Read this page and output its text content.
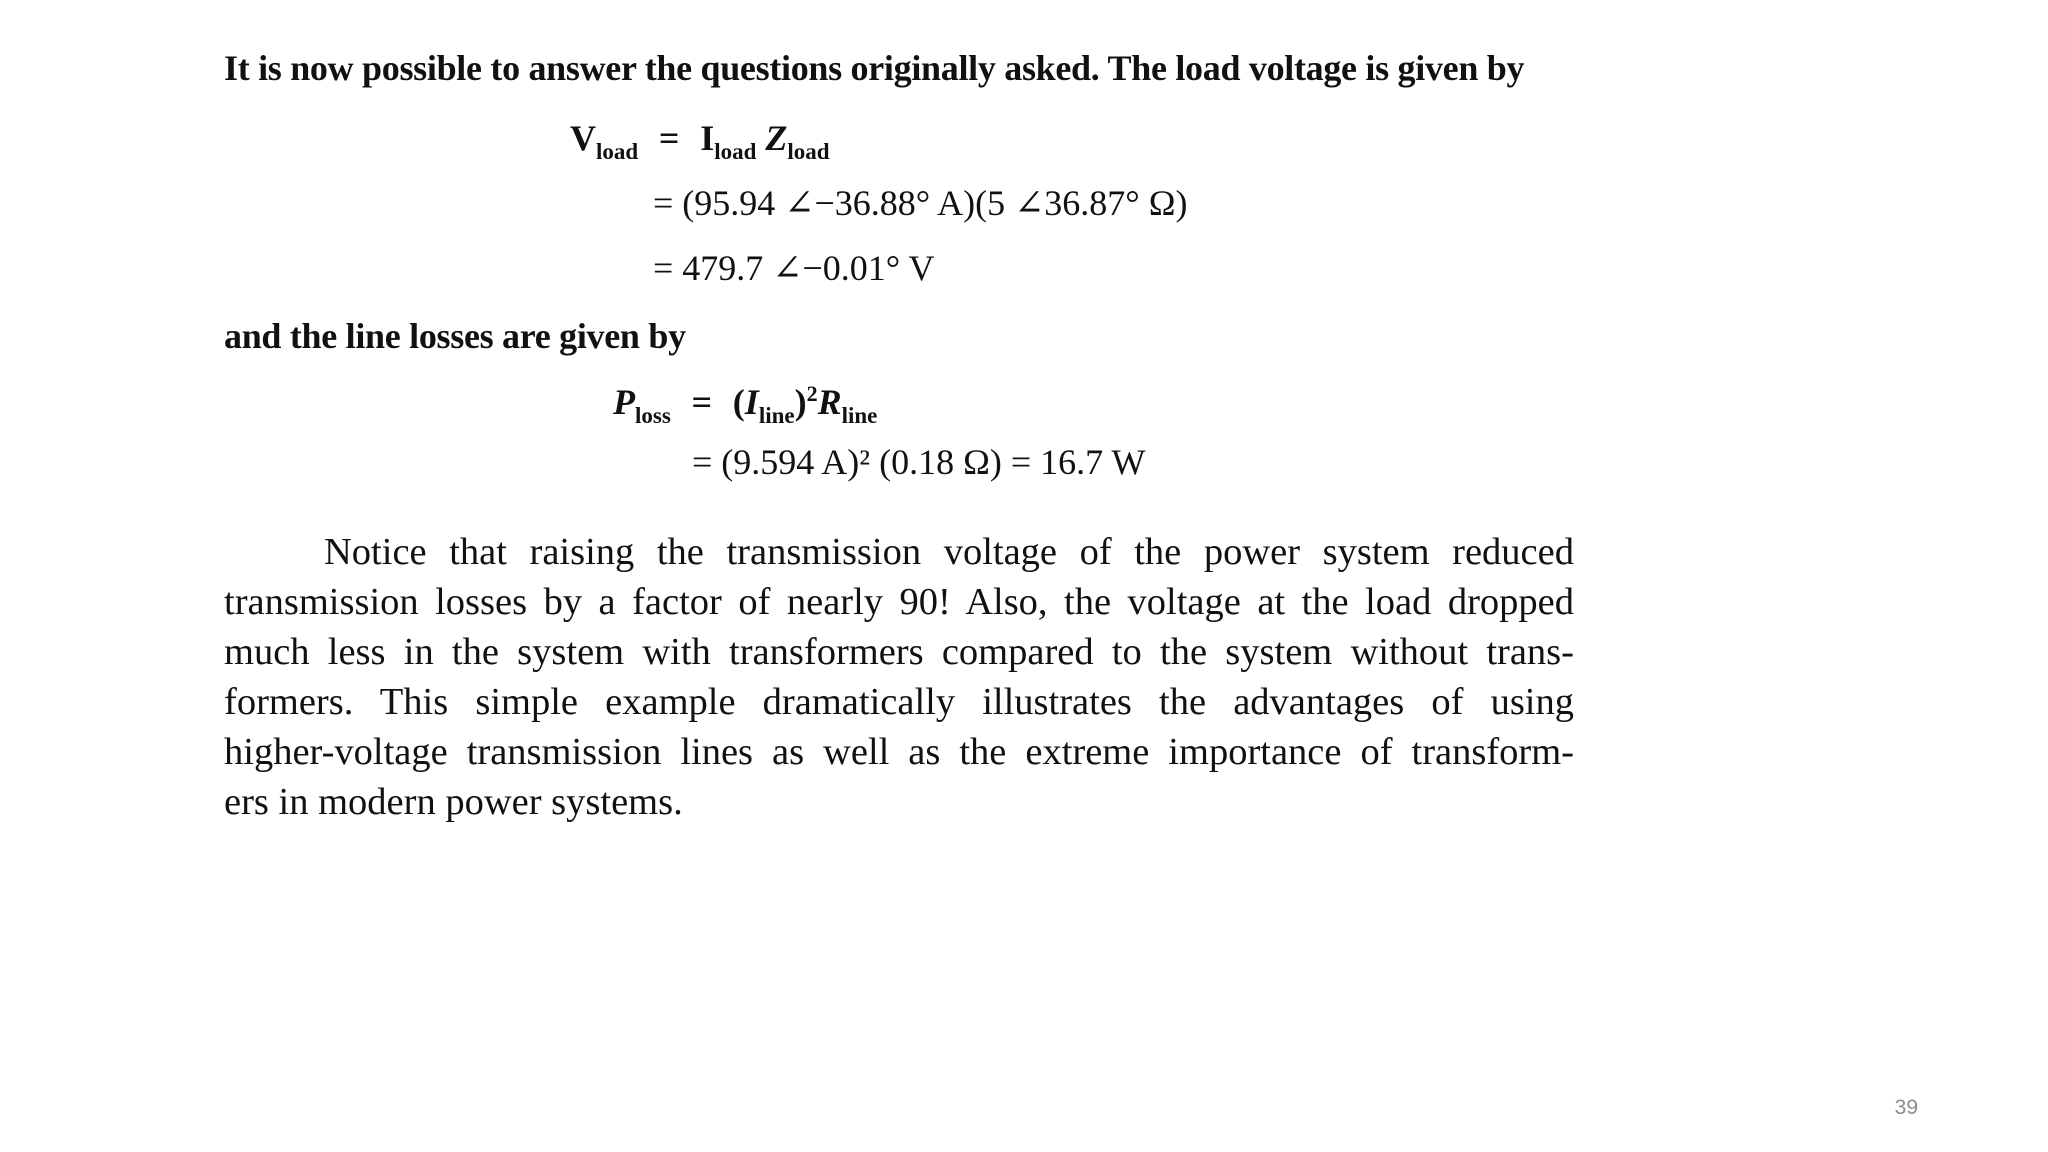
It is now possible to answer the questions originally asked. The load voltage is given by
$V_{load} = I_{load}$ $Z_{load}$
= (95.94 ∠−36.88° A)(5 ∠36.87° Ω)
= 479.7 ∠−0.01° V
and the line losses are given by
$P_{loss} = (I_{line})^2R_{line}$
= (9.594 A)² (0.18 Ω) = 16.7 W
Notice that raising the transmission voltage of the power system reduced
transmission losses by a factor of nearly 90! Also, the voltage at the load dropped
much less in the system with transformers compared to the system without trans-
formers. This simple example dramatically illustrates the advantages of using
higher-voltage transmission lines as well as the extreme importance of transform-
ers in modern power systems.
39
